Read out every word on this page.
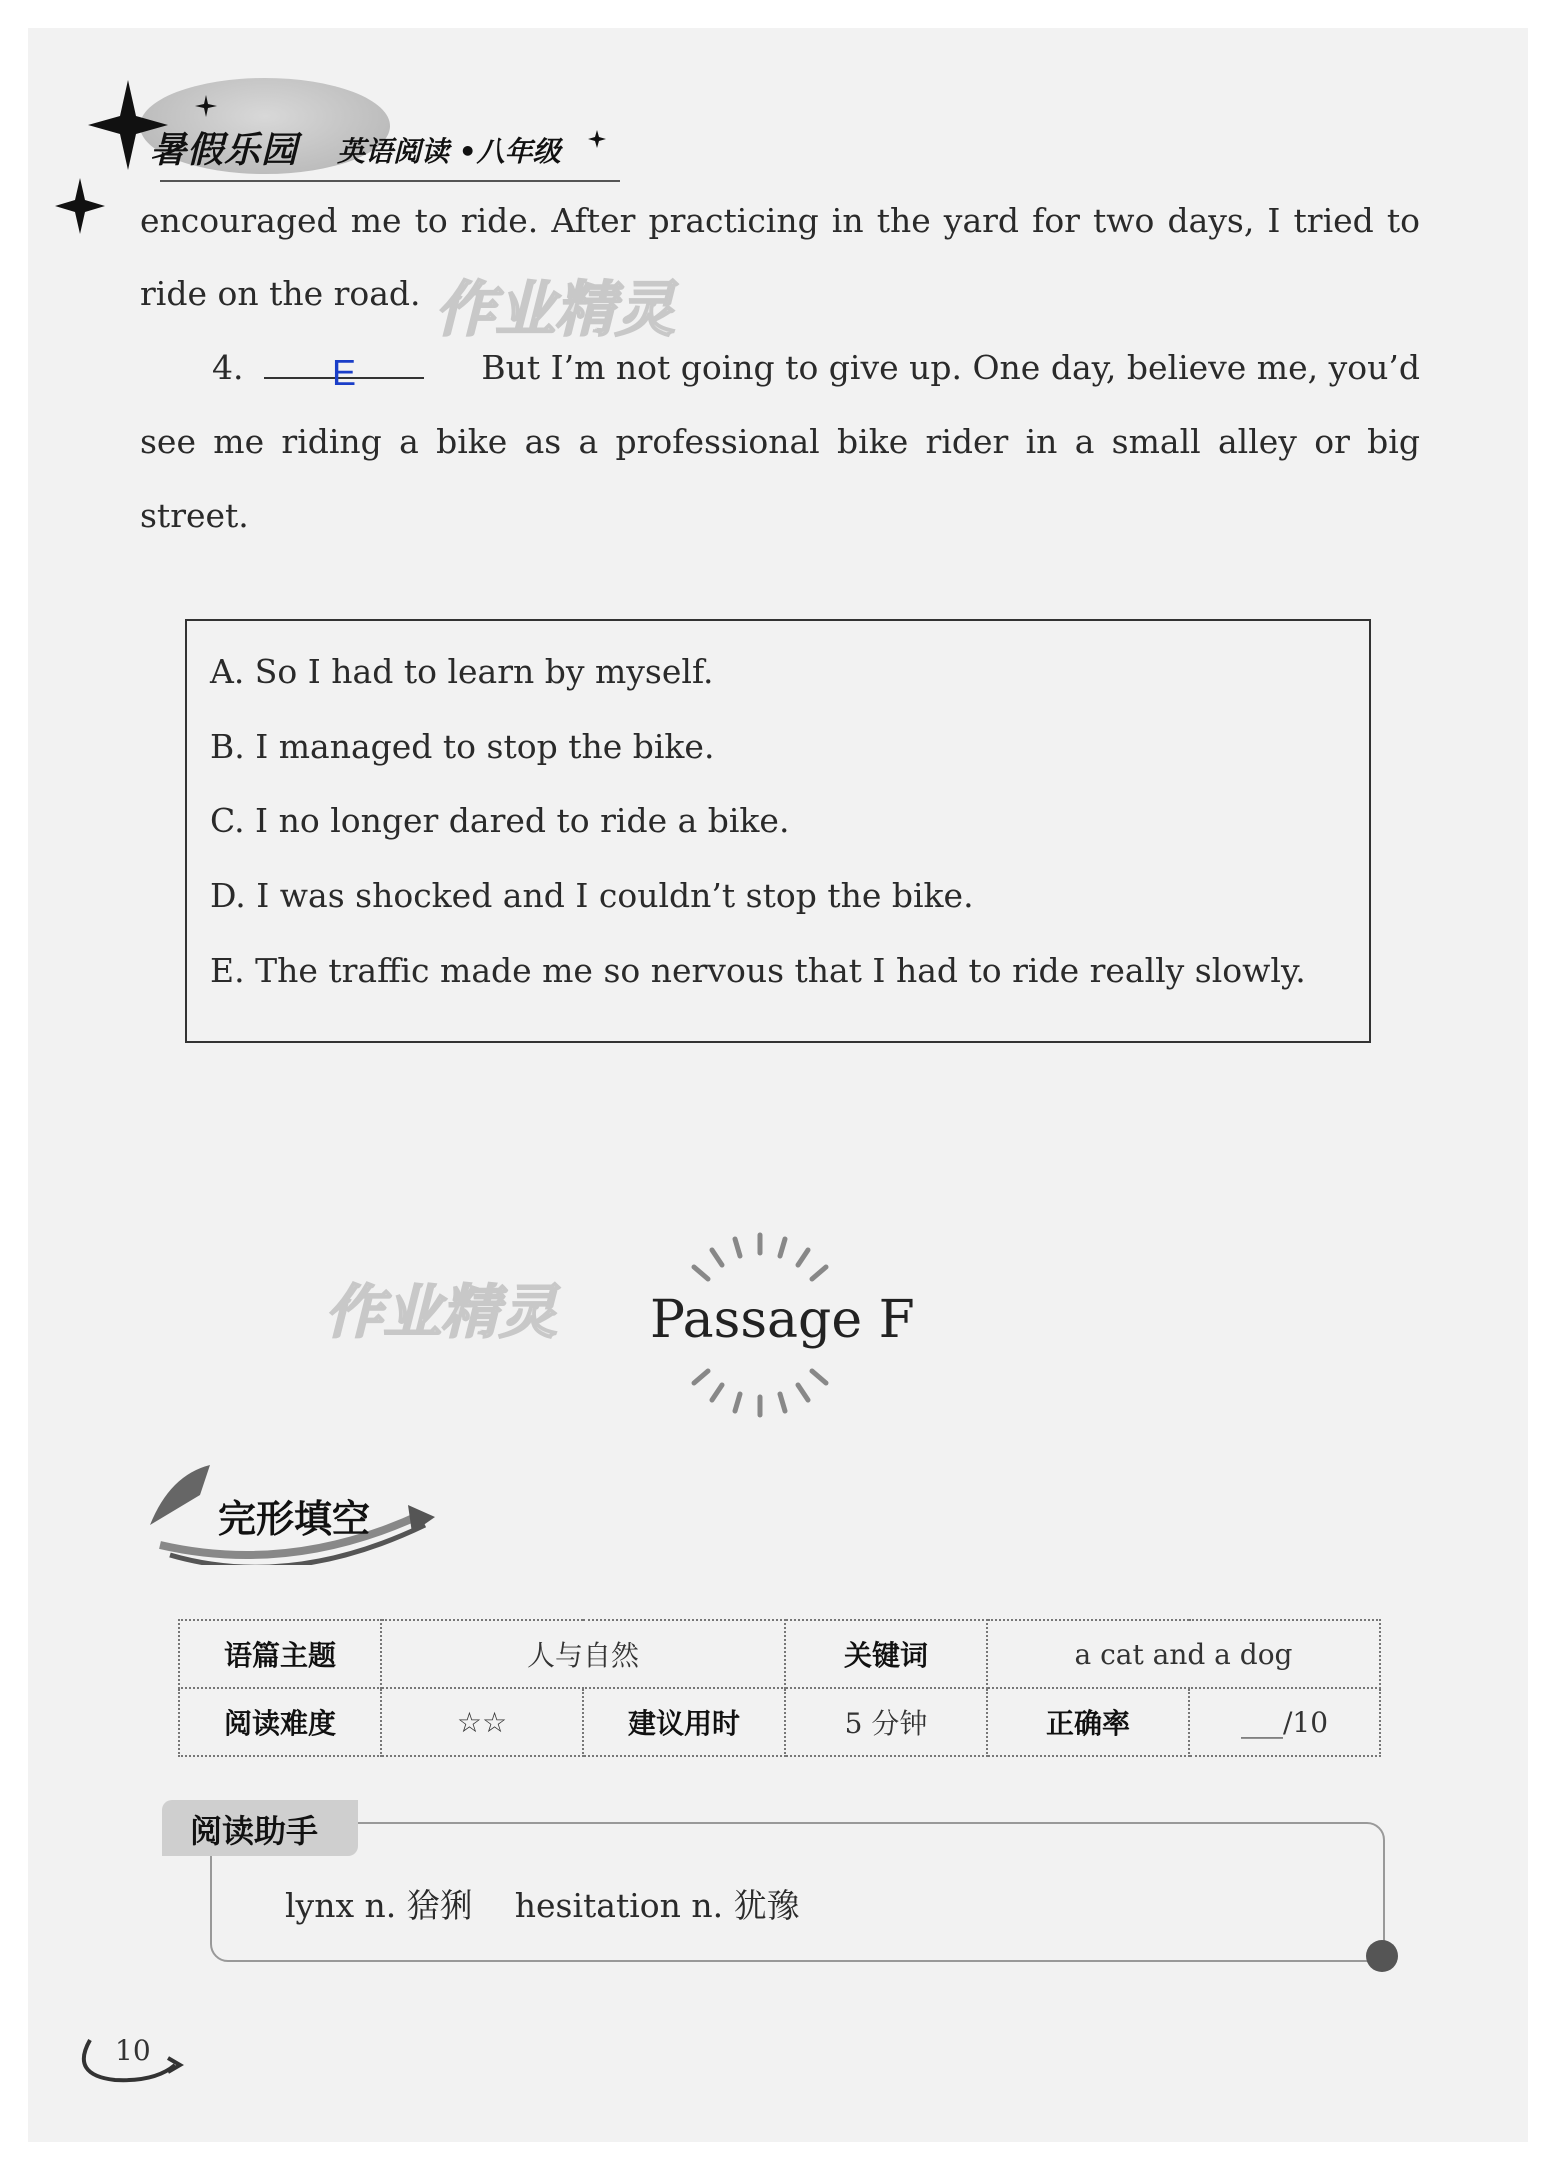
暑假乐园 英语阅读 •八年级
encouraged me to ride. After practicing in the yard for two days, I tried to
ride on the road. 作业精灵
4.	E	But I’m not going to give up. One day, believe me, you’d
see me riding a bike as a professional bike rider in a small alley or big
street.
A. So I had to learn by myself.
B. I managed to stop the bike.
C. I no longer dared to ride a bike.
D. I was shocked and I couldn’t stop the bike.
E. The traffic made me so nervous that I had to ride really slowly.
作业精灵 Passage F
完形填空
语篇主题	人与自然		关键词	a cat and a dog	
阅读难度	☆☆	建议用时	5 分钟	正确率	___/10
阅读助手
lynx n. 猞猁    hesitation n. 犹豫
10
